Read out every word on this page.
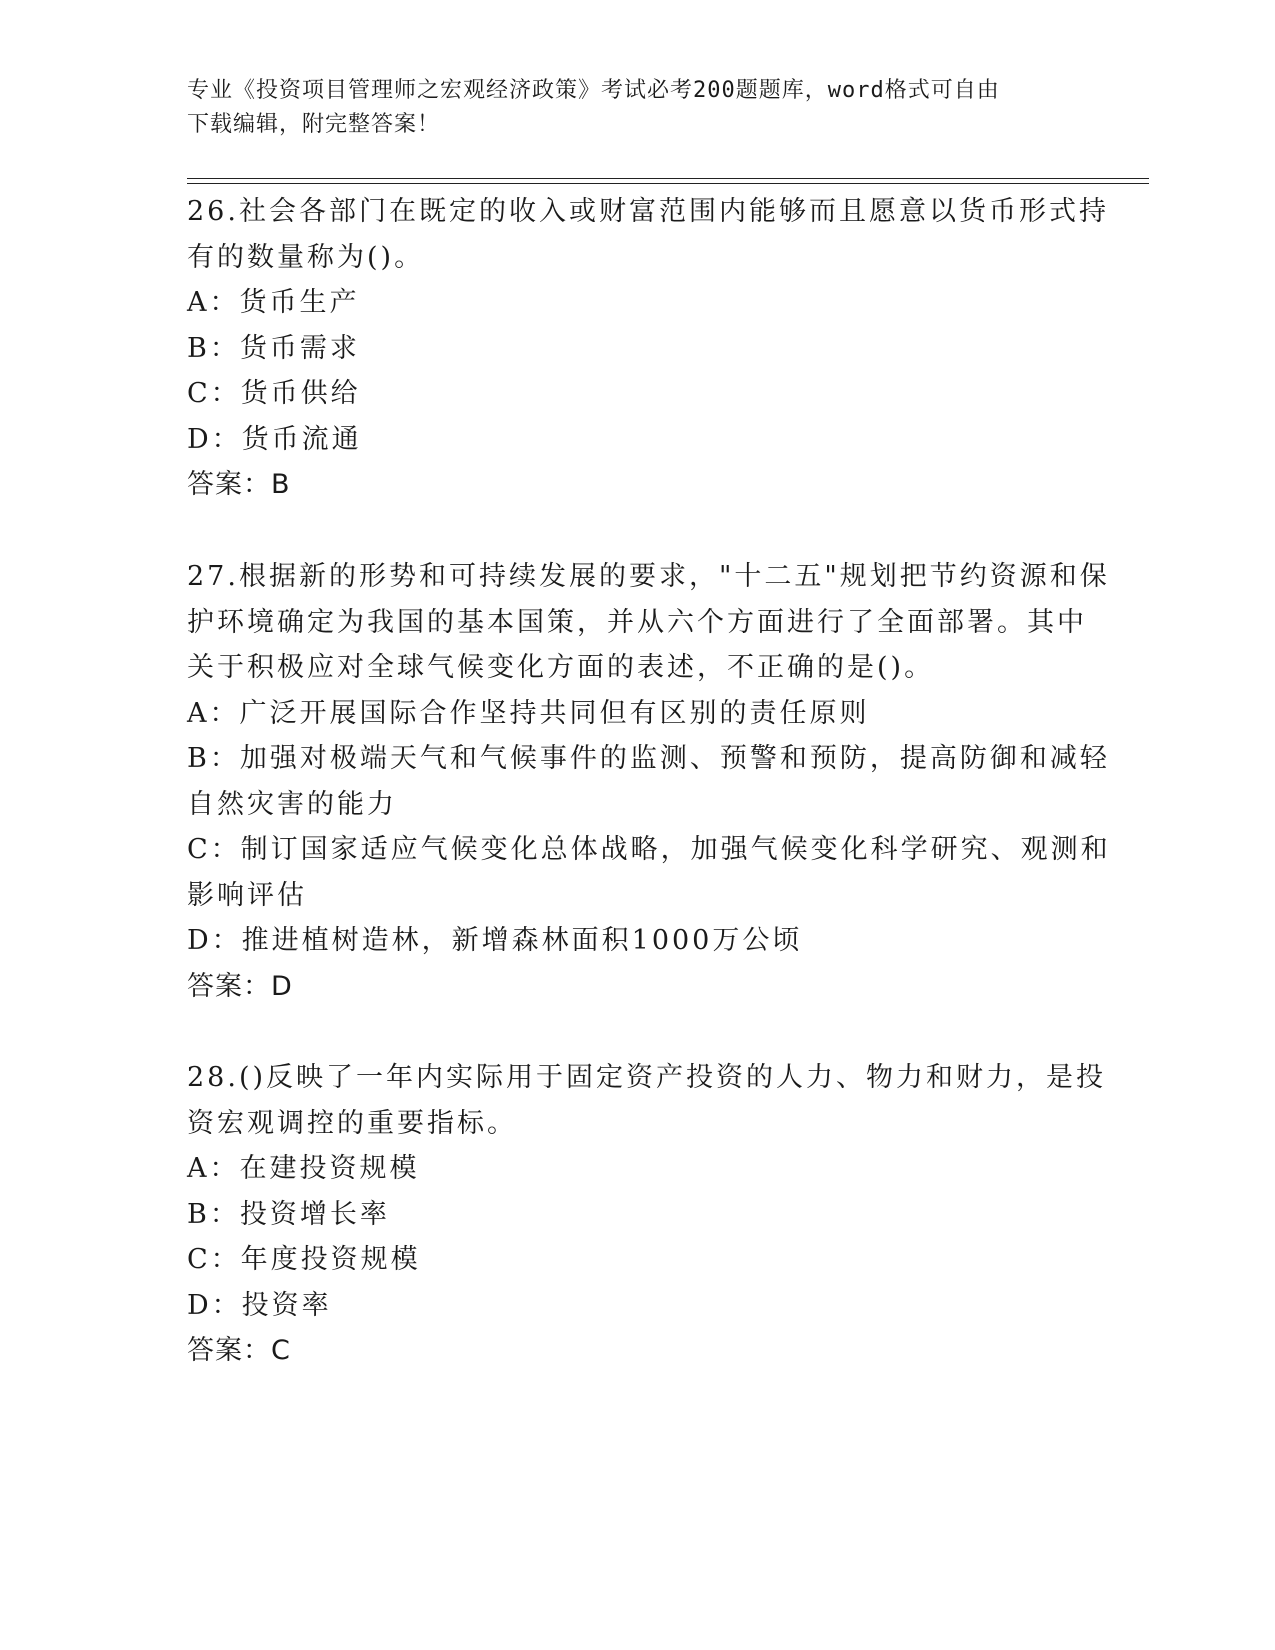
专业《投资项目管理师之宏观经济政策》考试必考200题题库，word格式可自由
下载编辑，附完整答案！
26.社会各部门在既定的收入或财富范围内能够而且愿意以货币形式持
有的数量称为()。
A：货币生产
B：货币需求
C：货币供给
D：货币流通
答案：B
27.根据新的形势和可持续发展的要求，"十二五"规划把节约资源和保
护环境确定为我国的基本国策，并从六个方面进行了全面部署。其中
关于积极应对全球气候变化方面的表述，不正确的是()。
A：广泛开展国际合作坚持共同但有区别的责任原则
B：加强对极端天气和气候事件的监测、预警和预防，提高防御和减轻
自然灾害的能力
C：制订国家适应气候变化总体战略，加强气候变化科学研究、观测和
影响评估
D：推进植树造林，新增森林面积1000万公顷
答案：D
28.()反映了一年内实际用于固定资产投资的人力、物力和财力，是投
资宏观调控的重要指标。
A：在建投资规模
B：投资增长率
C：年度投资规模
D：投资率
答案：C
